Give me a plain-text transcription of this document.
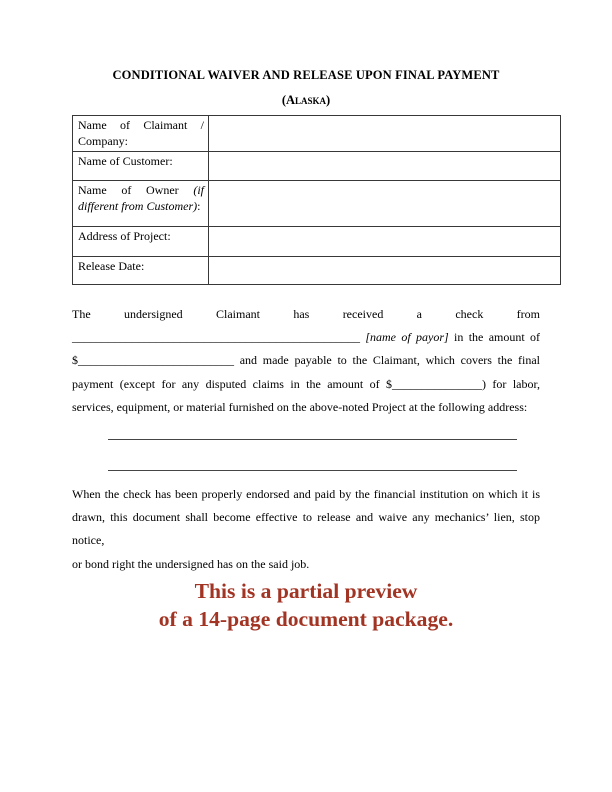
CONDITIONAL WAIVER AND RELEASE UPON FINAL PAYMENT
(Alaska)
Name of Claimant / Company:	
Name of Customer:	
Name of Owner (if different from Customer):	
Address of Project:	
Release Date:	
The undersigned Claimant has received a check from
________________________________________________ [name of payor] in the amount of
$__________________________ and made payable to the Claimant, which covers the final
payment (except for any disputed claims in the amount of $_______________) for labor,
services, equipment, or material furnished on the above-noted Project at the following address:
When the check has been properly endorsed and paid by the financial institution on which it is
drawn, this document shall become effective to release and waive any mechanics’ lien, stop notice,
or bond right the undersigned has on the said job.
This is a partial preview
of a 14-page document package.
